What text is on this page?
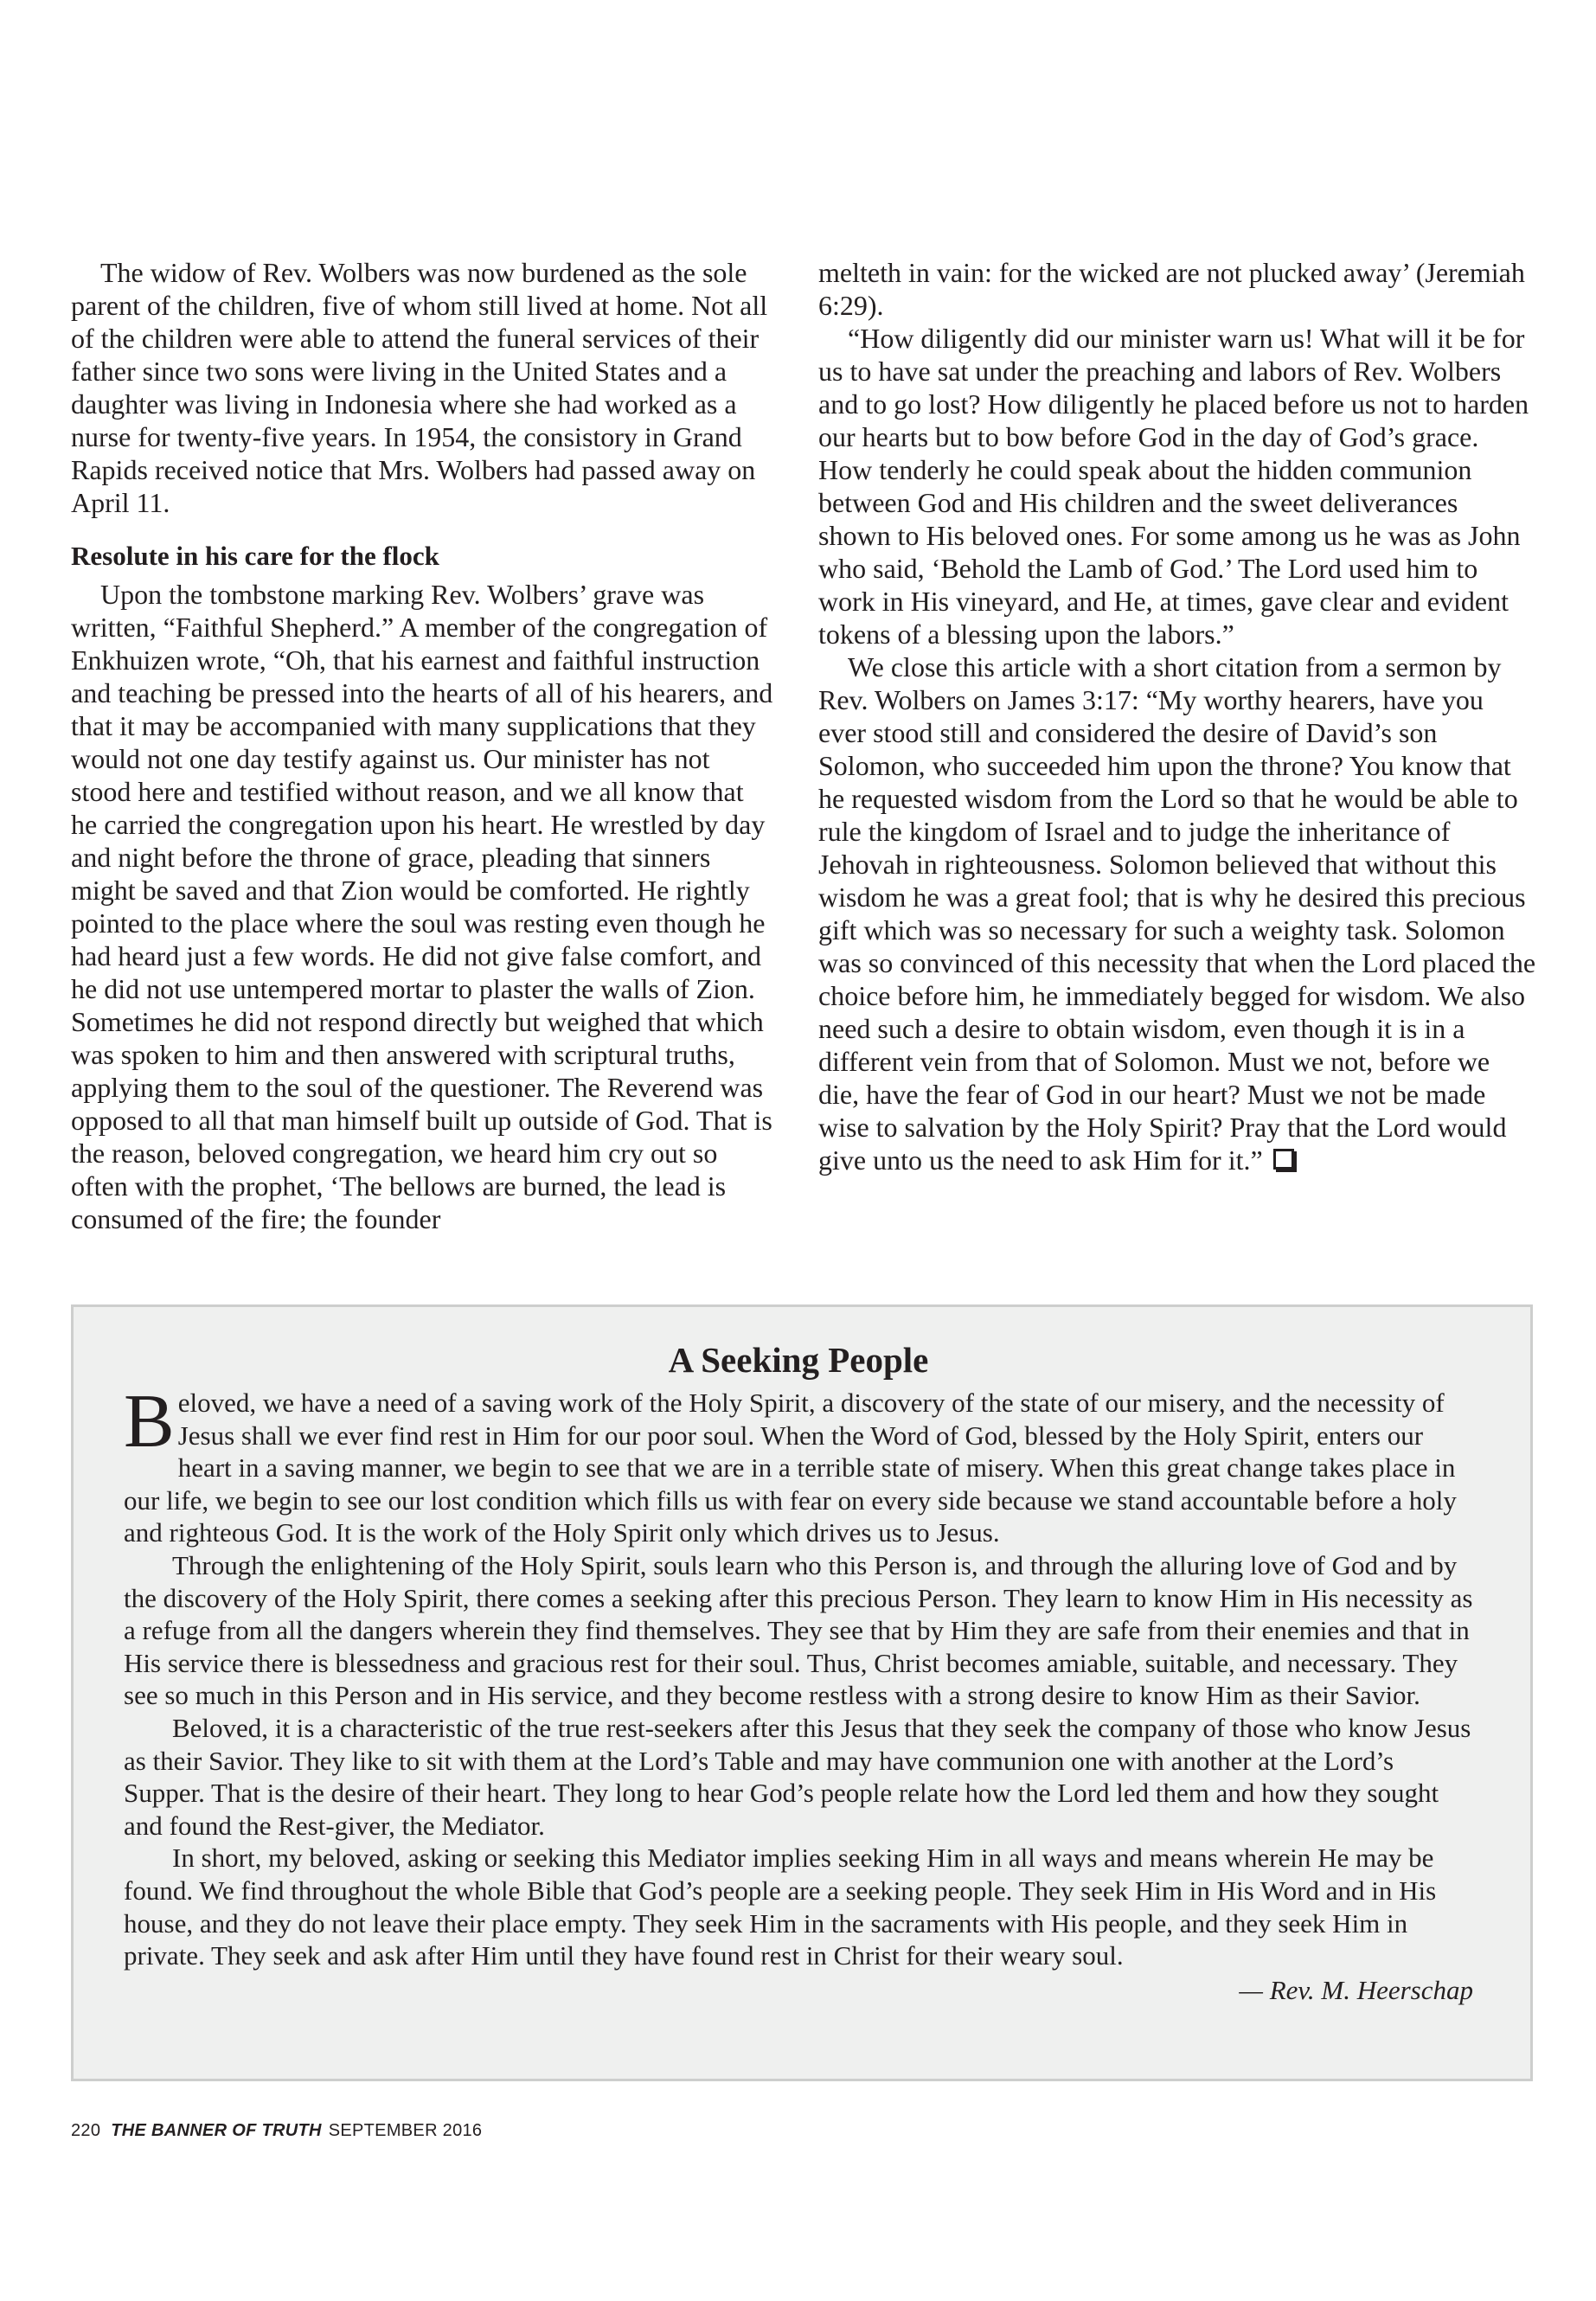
The widow of Rev. Wolbers was now burdened as the sole parent of the children, five of whom still lived at home. Not all of the children were able to attend the funeral services of their father since two sons were living in the United States and a daughter was living in Indonesia where she had worked as a nurse for twenty-five years. In 1954, the consistory in Grand Rapids received notice that Mrs. Wolbers had passed away on April 11.

Resolute in his care for the flock

Upon the tombstone marking Rev. Wolbers’ grave was written, “Faithful Shepherd.” A member of the congregation of Enkhuizen wrote, “Oh, that his earnest and faithful instruction and teaching be pressed into the hearts of all of his hearers, and that it may be accompanied with many supplications that they would not one day testify against us. Our minister has not stood here and testified without reason, and we all know that he carried the congregation upon his heart. He wrestled by day and night before the throne of grace, pleading that sinners might be saved and that Zion would be comforted. He rightly pointed to the place where the soul was resting even though he had heard just a few words. He did not give false comfort, and he did not use untempered mortar to plaster the walls of Zion. Sometimes he did not respond directly but weighed that which was spoken to him and then answered with scriptural truths, applying them to the soul of the questioner. The Reverend was opposed to all that man himself built up outside of God. That is the reason, beloved congregation, we heard him cry out so often with the prophet, ‘The bellows are burned, the lead is consumed of the fire; the founder

melteth in vain: for the wicked are not plucked away’ (Jeremiah 6:29).

“How diligently did our minister warn us! What will it be for us to have sat under the preaching and labors of Rev. Wolbers and to go lost? How diligently he placed before us not to harden our hearts but to bow before God in the day of God’s grace. How tenderly he could speak about the hidden communion between God and His children and the sweet deliverances shown to His beloved ones. For some among us he was as John who said, ‘Behold the Lamb of God.’ The Lord used him to work in His vineyard, and He, at times, gave clear and evident tokens of a blessing upon the labors.”

We close this article with a short citation from a sermon by Rev. Wolbers on James 3:17: “My worthy hearers, have you ever stood still and considered the desire of David’s son Solomon, who succeeded him upon the throne? You know that he requested wisdom from the Lord so that he would be able to rule the kingdom of Israel and to judge the inheritance of Jehovah in righteousness. Solomon believed that without this wisdom he was a great fool; that is why he desired this precious gift which was so necessary for such a weighty task. Solomon was so convinced of this necessity that when the Lord placed the choice before him, he immediately begged for wisdom. We also need such a desire to obtain wisdom, even though it is in a different vein from that of Solomon. Must we not, before we die, have the fear of God in our heart? Must we not be made wise to salvation by the Holy Spirit? Pray that the Lord would give unto us the need to ask Him for it.”

A Seeking People

Beloved, we have a need of a saving work of the Holy Spirit, a discovery of the state of our misery, and the necessity of Jesus shall we ever find rest in Him for our poor soul. When the Word of God, blessed by the Holy Spirit, enters our heart in a saving manner, we begin to see that we are in a terrible state of misery. When this great change takes place in our life, we begin to see our lost condition which fills us with fear on every side because we stand accountable before a holy and righteous God. It is the work of the Holy Spirit only which drives us to Jesus.

Through the enlightening of the Holy Spirit, souls learn who this Person is, and through the alluring love of God and by the discovery of the Holy Spirit, there comes a seeking after this precious Person. They learn to know Him in His necessity as a refuge from all the dangers wherein they find themselves. They see that by Him they are safe from their enemies and that in His service there is blessedness and gracious rest for their soul. Thus, Christ becomes amiable, suitable, and necessary. They see so much in this Person and in His service, and they become restless with a strong desire to know Him as their Savior.

Beloved, it is a characteristic of the true rest-seekers after this Jesus that they seek the company of those who know Jesus as their Savior. They like to sit with them at the Lord’s Table and may have communion one with another at the Lord’s Supper. That is the desire of their heart. They long to hear God’s people relate how the Lord led them and how they sought and found the Rest-giver, the Mediator.

In short, my beloved, asking or seeking this Mediator implies seeking Him in all ways and means wherein He may be found. We find throughout the whole Bible that God’s people are a seeking people. They seek Him in His Word and in His house, and they do not leave their place empty. They seek Him in the sacraments with His people, and they seek Him in private. They seek and ask after Him until they have found rest in Christ for their weary soul.

— Rev. M. Heerschap
220 THE BANNER OF TRUTH SEPTEMBER 2016
